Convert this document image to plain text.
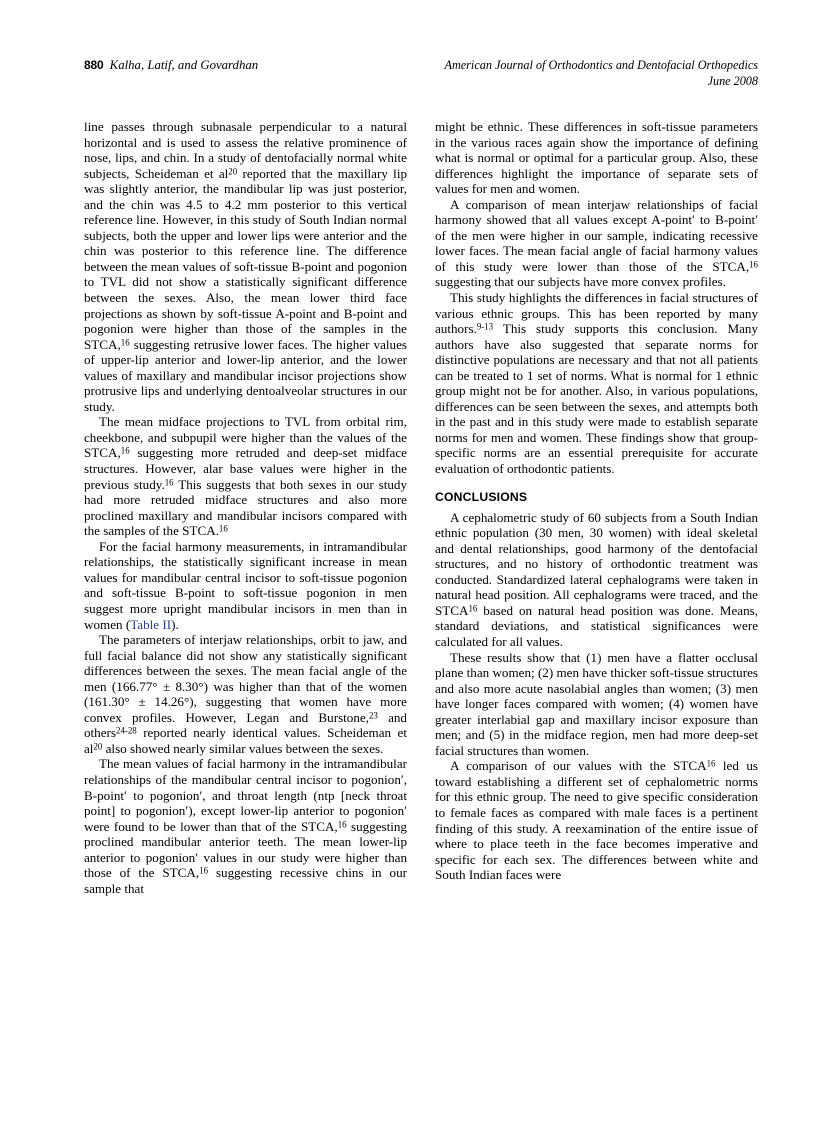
880 Kalha, Latif, and Govardhan	American Journal of Orthodontics and Dentofacial Orthopedics
June 2008

line passes through subnasale perpendicular to a natural horizontal and is used to assess the relative prominence of nose, lips, and chin. In a study of dentofacially normal white subjects, Scheideman et $al^{20}$ reported that the maxillary lip was slightly anterior, the mandibular lip was just posterior, and the chin was 4.5 to 4.2 mm posterior to this vertical reference line. However, in this study of South Indian normal subjects, both the upper and lower lips were anterior and the chin was posterior to this reference line. The difference between the mean values of soft-tissue B-point and pogonion to TVL did not show a statistically significant difference between the sexes. Also, the mean lower third face projections as shown by soft-tissue A-point and B-point and pogonion were higher than those of the samples in the STCA,$^{16}$ suggesting retrusive lower faces. The higher values of upper-lip anterior and lower-lip anterior, and the lower values of maxillary and mandibular incisor projections show protrusive lips and underlying dentoalveolar structures in our study.

The mean midface projections to TVL from orbital rim, cheekbone, and subpupil were higher than the values of the STCA,$^{16}$ suggesting more retruded and deep-set midface structures. However, alar base values were higher in the previous study.$^{16}$ This suggests that both sexes in our study had more retruded midface structures and also more proclined maxillary and mandibular incisors compared with the samples of the STCA.$^{16}$

For the facial harmony measurements, in intramandibular relationships, the statistically significant increase in mean values for mandibular central incisor to soft-tissue pogonion and soft-tissue B-point to soft-tissue pogonion in men suggest more upright mandibular incisors in men than in women (Table II).

The parameters of interjaw relationships, orbit to jaw, and full facial balance did not show any statistically significant differences between the sexes. The mean facial angle of the men (166.77° ± 8.30°) was higher than that of the women (161.30° ± 14.26°), suggesting that women have more convex profiles. However, Legan and Burstone,$^{23}$ and others$^{24-28}$ reported nearly identical values. Scheideman et $al^{20}$ also showed nearly similar values between the sexes.

The mean values of facial harmony in the intramandibular relationships of the mandibular central incisor to pogonion′, B-point′ to pogonion′, and throat length (ntp [neck throat point] to pogonion′), except lower-lip anterior to pogonion′ were found to be lower than that of the STCA,$^{16}$ suggesting proclined mandibular anterior teeth. The mean lower-lip anterior to pogonion′ values in our study were higher than those of the STCA,$^{16}$ suggesting recessive chins in our sample that

might be ethnic. These differences in soft-tissue parameters in the various races again show the importance of defining what is normal or optimal for a particular group. Also, these differences highlight the importance of separate sets of values for men and women.

A comparison of mean interjaw relationships of facial harmony showed that all values except A-point′ to B-point′ of the men were higher in our sample, indicating recessive lower faces. The mean facial angle of facial harmony values of this study were lower than those of the STCA,$^{16}$ suggesting that our subjects have more convex profiles.

This study highlights the differences in facial structures of various ethnic groups. This has been reported by many authors.$^{9-13}$ This study supports this conclusion. Many authors have also suggested that separate norms for distinctive populations are necessary and that not all patients can be treated to 1 set of norms. What is normal for 1 ethnic group might not be for another. Also, in various populations, differences can be seen between the sexes, and attempts both in the past and in this study were made to establish separate norms for men and women. These findings show that group-specific norms are an essential prerequisite for accurate evaluation of orthodontic patients.

CONCLUSIONS

A cephalometric study of 60 subjects from a South Indian ethnic population (30 men, 30 women) with ideal skeletal and dental relationships, good harmony of the dentofacial structures, and no history of orthodontic treatment was conducted. Standardized lateral cephalograms were taken in natural head position. All cephalograms were traced, and the STCA$^{16}$ based on natural head position was done. Means, standard deviations, and statistical significances were calculated for all values.

These results show that (1) men have a flatter occlusal plane than women; (2) men have thicker soft-tissue structures and also more acute nasolabial angles than women; (3) men have longer faces compared with women; (4) women have greater interlabial gap and maxillary incisor exposure than men; and (5) in the midface region, men had more deep-set facial structures than women.

A comparison of our values with the STCA$^{16}$ led us toward establishing a different set of cephalometric norms for this ethnic group. The need to give specific consideration to female faces as compared with male faces is a pertinent finding of this study. A reexamination of the entire issue of where to place teeth in the face becomes imperative and specific for each sex. The differences between white and South Indian faces were
